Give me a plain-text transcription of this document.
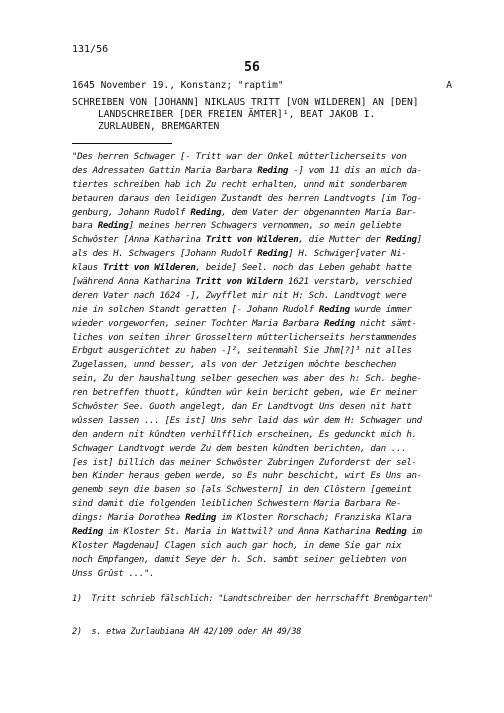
131/56
56
1645 November 19., Konstanz; "raptim"	A
SCHREIBEN VON [JOHANN] NIKLAUS TRITT [VON WILDEREN] AN [DEN]
LANDSCHREIBER [DER FREIEN ÄMTER]¹, BEAT JAKOB I.
ZURLAUBEN, BREMGARTEN
"Des herren Schwager [- Tritt war der Onkel mûtterlicherseits von
des Adressaten Gattin Maria Barbara Reding -] vom 11 dis an mich da-
tiertes schreiben hab ich Zu recht erhalten, unnd mit sonderbarem
betauren daraus den leidigen Zustandt des herren Landtvogts [im Tog-
genburg, Johann Rudolf Reding, dem Vater der obgenannten Maria Bar-
bara Reding] meines herren Schwagers vernommen, so mein geliebte
Schwôster [Anna Katharina Tritt von Wilderen, die Mutter der Reding]
als des H. Schwagers [Johann Rudolf Reding] H. Schwiger[vater Ni-
klaus Tritt von Wilderen, beide] Seel. noch das Leben gehabt hatte
[während Anna Katharina Tritt von Wildern 1621 verstarb, verschied
deren Vater nach 1624 -], Zwyfflet mir nit H: Sch. Landtvogt were
nie in solchen Standt geratten [- Johann Rudolf Reding wurde immer
wieder vorgeworfen, seiner Tochter Maria Barbara Reding nicht sämt-
liches von seiten ihrer Grosseltern mûtterlicherseits herstammendes
Erbgut ausgerichtet zu haben -]², seitenmahl Sie Jhm[?]³ nit alles
Zugelassen, unnd besser, als von der Jetzigen môchte beschechen
sein, Zu der haushaltung selber gesechen was aber des h: Sch. beghe-
ren betreffen thuott, kûndten wûr kein bericht geben, wie Er meiner
Schwôster See. Guoth angelegt, dan Er Landtvogt Uns desen nit hatt
wûssen lassen ... [Es ist] Uns sehr laid das wûr dem H: Schwager und
den andern nit kûndten verhilfflich erscheinen, Es gedunckt mich h.
Schwager Landtvogt werde Zu dem besten kûndten berichten, dan ...
[es ist] billich das meiner Schwôster Zubringen Zuforderst der sel-
ben Kinder heraus geben werde, so Es nuhr beschicht, wirt Es Uns an-
genemb seyn die basen so [als Schwestern] in den Clôstern [gemeint
sind damit die folgenden leiblichen Schwestern Maria Barbara Re-
dings: Maria Dorothea Reding im Kloster Rorschach; Franziska Klara
Reding im Kloster St. Maria in Wattwil? und Anna Katharina Reding im
Kloster Magdenau] Clagen sich auch gar hoch, in deme Sie gar nix
noch Empfangen, damit Seye der h. Sch. sambt seiner geliebten von
Unss Grûst ...".

1)  Tritt schrieb fälschlich: "Landtschreiber der herrschafft Brembgarten"

2)  s. etwa Zurlaubiana AH 42/109 oder AH 49/38
